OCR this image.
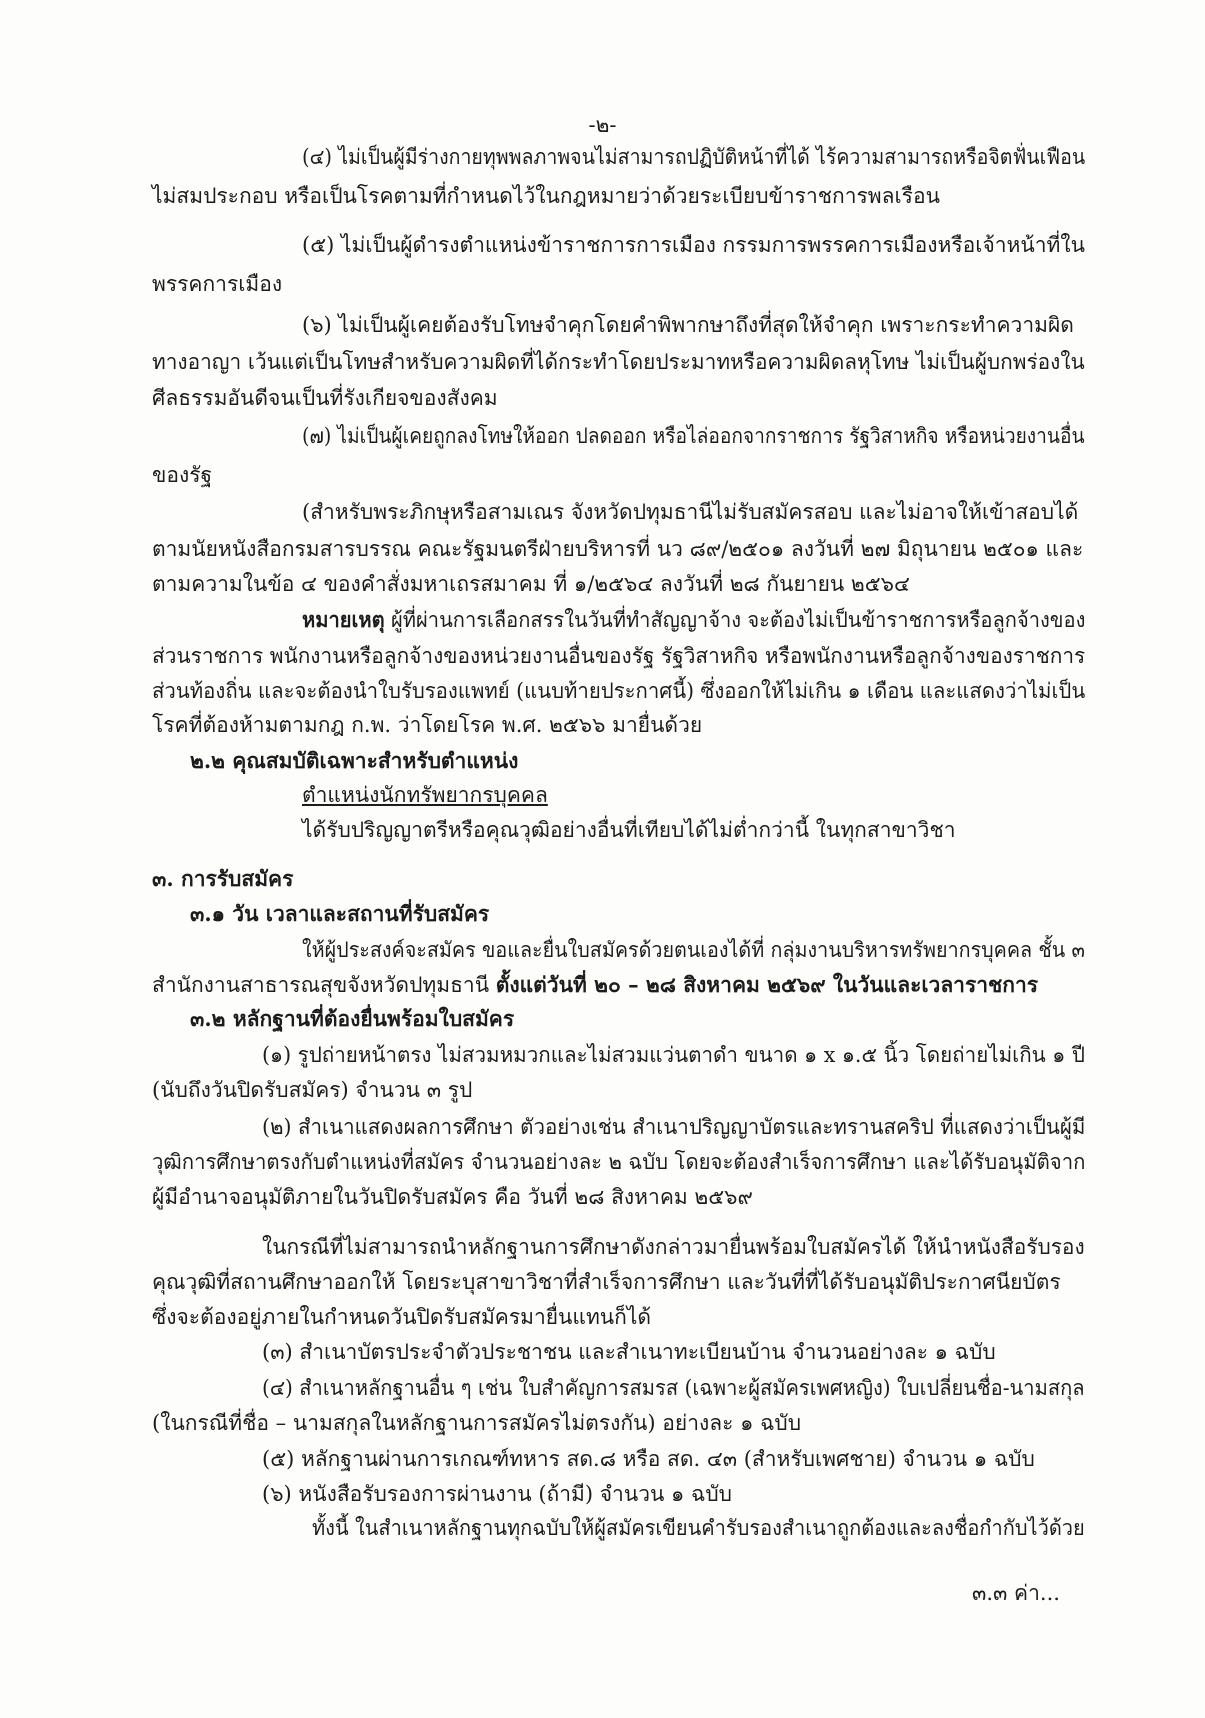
-๒-
(๔) ไม่เป็นผู้มีร่างกายทุพพลภาพจนไม่สามารถปฏิบัติหน้าที่ได้ ไร้ความสามารถหรือจิตฟั่นเฟือน
ไม่สมประกอบ หรือเป็นโรคตามที่กำหนดไว้ในกฎหมายว่าด้วยระเบียบข้าราชการพลเรือน
(๕) ไม่เป็นผู้ดำรงตำแหน่งข้าราชการการเมือง กรรมการพรรคการเมืองหรือเจ้าหน้าที่ใน
พรรคการเมือง
(๖) ไม่เป็นผู้เคยต้องรับโทษจำคุกโดยคำพิพากษาถึงที่สุดให้จำคุก เพราะกระทำความผิด
ทางอาญา เว้นแต่เป็นโทษสำหรับความผิดที่ได้กระทำโดยประมาทหรือความผิดลหุโทษ ไม่เป็นผู้บกพร่องใน
ศีลธรรมอันดีจนเป็นที่รังเกียจของสังคม
(๗) ไม่เป็นผู้เคยถูกลงโทษให้ออก ปลดออก หรือไล่ออกจากราชการ รัฐวิสาหกิจ หรือหน่วยงานอื่น
ของรัฐ
(สำหรับพระภิกษุหรือสามเณร จังหวัดปทุมธานีไม่รับสมัครสอบ และไม่อาจให้เข้าสอบได้
ตามนัยหนังสือกรมสารบรรณ คณะรัฐมนตรีฝ่ายบริหารที่ นว ๘๙/๒๕๐๑ ลงวันที่ ๒๗ มิถุนายน ๒๕๐๑ และ
ตามความในข้อ ๔ ของคำสั่งมหาเถรสมาคม ที่ ๑/๒๕๖๔ ลงวันที่ ๒๘ กันยายน ๒๕๖๔
หมายเหตุ ผู้ที่ผ่านการเลือกสรรในวันที่ทำสัญญาจ้าง จะต้องไม่เป็นข้าราชการหรือลูกจ้างของ
ส่วนราชการ พนักงานหรือลูกจ้างของหน่วยงานอื่นของรัฐ รัฐวิสาหกิจ หรือพนักงานหรือลูกจ้างของราชการ
ส่วนท้องถิ่น และจะต้องนำใบรับรองแพทย์ (แนบท้ายประกาศนี้) ซึ่งออกให้ไม่เกิน ๑ เดือน และแสดงว่าไม่เป็น
โรคที่ต้องห้ามตามกฎ ก.พ. ว่าโดยโรค พ.ศ. ๒๕๖๖ มายื่นด้วย
๒.๒ คุณสมบัติเฉพาะสำหรับตำแหน่ง
ตำแหน่งนักทรัพยากรบุคคล
ได้รับปริญญาตรีหรือคุณวุฒิอย่างอื่นที่เทียบได้ไม่ต่ำกว่านี้ ในทุกสาขาวิชา
๓. การรับสมัคร
๓.๑ วัน เวลาและสถานที่รับสมัคร
ให้ผู้ประสงค์จะสมัคร ขอและยื่นใบสมัครด้วยตนเองได้ที่ กลุ่มงานบริหารทรัพยากรบุคคล ชั้น ๓
สำนักงานสาธารณสุขจังหวัดปทุมธานี ตั้งแต่วันที่ ๒๐ – ๒๘ สิงหาคม ๒๕๖๙ ในวันและเวลาราชการ
๓.๒ หลักฐานที่ต้องยื่นพร้อมใบสมัคร
(๑) รูปถ่ายหน้าตรง ไม่สวมหมวกและไม่สวมแว่นตาดำ ขนาด ๑ x ๑.๕ นิ้ว โดยถ่ายไม่เกิน ๑ ปี
(นับถึงวันปิดรับสมัคร) จำนวน ๓ รูป
(๒) สำเนาแสดงผลการศึกษา ตัวอย่างเช่น สำเนาปริญญาบัตรและทรานสคริป ที่แสดงว่าเป็นผู้มี
วุฒิการศึกษาตรงกับตำแหน่งที่สมัคร จำนวนอย่างละ ๒ ฉบับ โดยจะต้องสำเร็จการศึกษา และได้รับอนุมัติจาก
ผู้มีอำนาจอนุมัติภายในวันปิดรับสมัคร คือ วันที่ ๒๘ สิงหาคม ๒๕๖๙
ในกรณีที่ไม่สามารถนำหลักฐานการศึกษาดังกล่าวมายื่นพร้อมใบสมัครได้ ให้นำหนังสือรับรอง
คุณวุฒิที่สถานศึกษาออกให้ โดยระบุสาขาวิชาที่สำเร็จการศึกษา และวันที่ที่ได้รับอนุมัติประกาศนียบัตร
ซึ่งจะต้องอยู่ภายในกำหนดวันปิดรับสมัครมายื่นแทนก็ได้
(๓) สำเนาบัตรประจำตัวประชาชน และสำเนาทะเบียนบ้าน จำนวนอย่างละ ๑ ฉบับ
(๔) สำเนาหลักฐานอื่น ๆ เช่น ใบสำคัญการสมรส (เฉพาะผู้สมัครเพศหญิง) ใบเปลี่ยนชื่อ-นามสกุล
(ในกรณีที่ชื่อ – นามสกุลในหลักฐานการสมัครไม่ตรงกัน) อย่างละ ๑ ฉบับ
(๕) หลักฐานผ่านการเกณฑ์ทหาร สด.๘ หรือ สด. ๔๓ (สำหรับเพศชาย) จำนวน ๑ ฉบับ
(๖) หนังสือรับรองการผ่านงาน (ถ้ามี) จำนวน ๑ ฉบับ
ทั้งนี้ ในสำเนาหลักฐานทุกฉบับให้ผู้สมัครเขียนคำรับรองสำเนาถูกต้องและลงชื่อกำกับไว้ด้วย
๓.๓ ค่า...
